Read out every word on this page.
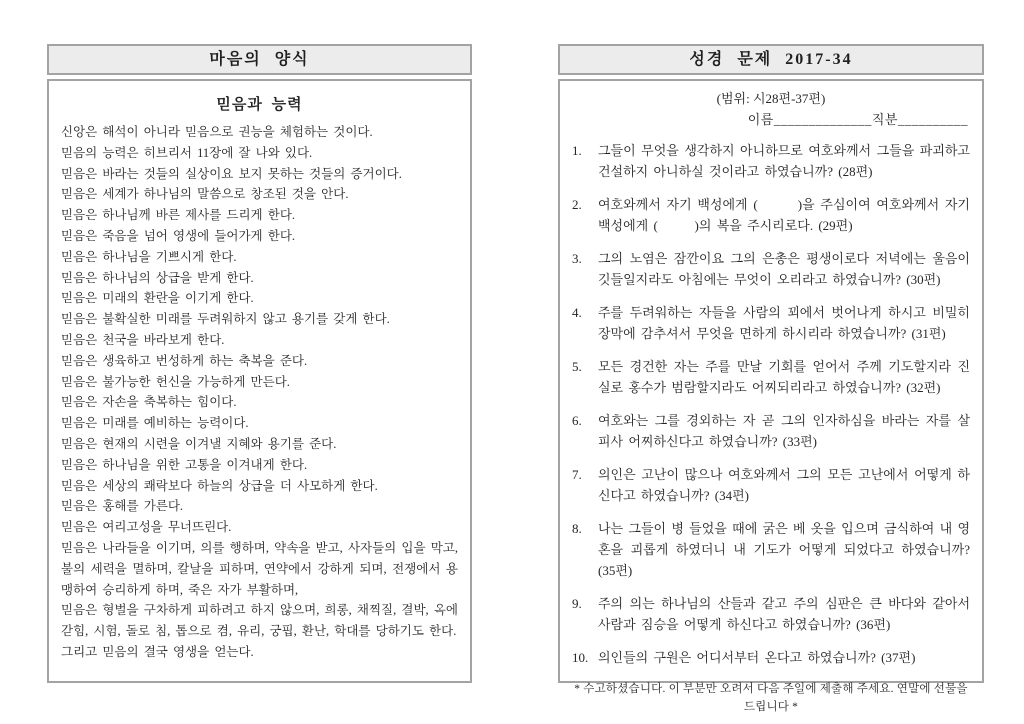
마음의 양식
믿음과 능력

신앙은 해석이 아니라 믿음으로 권능을 체험하는 것이다.

믿음의 능력은 히브리서 11장에 잘 나와 있다.

믿음은 바라는 것들의 실상이요 보지 못하는 것들의 증거이다.

믿음은 세계가 하나님의 말씀으로 창조된 것을 안다.

믿음은 하나님께 바른 제사를 드리게 한다.

믿음은 죽음을 넘어 영생에 들어가게 한다.

믿음은 하나님을 기쁘시게 한다.

믿음은 하나님의 상급을 받게 한다.

믿음은 미래의 환란을 이기게 한다.

믿음은 불확실한 미래를 두려워하지 않고 용기를 갖게 한다.

믿음은 천국을 바라보게 한다.

믿음은 생육하고 번성하게 하는 축복을 준다.

믿음은 불가능한 헌신을 가능하게 만든다.

믿음은 자손을 축복하는 힘이다.

믿음은 미래를 예비하는 능력이다.

믿음은 현재의 시련을 이겨낼 지혜와 용기를 준다.

믿음은 하나님을 위한 고통을 이겨내게 한다.

믿음은 세상의 쾌락보다 하늘의 상급을 더 사모하게 한다.

믿음은 홍해를 가른다.

믿음은 여리고성을 무너뜨린다.

믿음은 나라들을 이기며, 의를 행하며, 약속을 받고, 사자들의 입을 막고, 불의 세력을 멸하며, 칼날을 피하며, 연약에서 강하게 되며, 전쟁에서 용맹하여 승리하게 하며, 죽은 자가 부활하며,

믿음은 형벌을 구차하게 피하려고 하지 않으며, 희롱, 채찍질, 결박, 옥에 갇힘, 시험, 돌로 침, 톱으로 켬, 유리, 궁핍, 환난, 학대를 당하기도 한다.

그리고 믿음의 결국 영생을 얻는다.

성경 문제 2017-34

(범위: 시28편-37편)

이름______________직분__________

1.	그들이 무엇을 생각하지 아니하므로 여호와께서 그들을 파괴하고 건설하지 아니하실 것이라고 하였습니까? (28편)
2.	여호와께서 자기 백성에게 (       )을 주심이여 여호와께서 자기 백성에게 (       )의 복을 주시리로다. (29편)
3.	그의 노염은 잠깐이요 그의 은총은 평생이로다 저녁에는 울음이 깃들일지라도 아침에는 무엇이 오리라고 하였습니까? (30편)
4.	주를 두려워하는 자들을 사람의 꾀에서 벗어나게 하시고 비밀히 장막에 감추셔서 무엇을 면하게 하시리라 하였습니까? (31편)
5.	모든 경건한 자는 주를 만날 기회를 얻어서 주께 기도할지라 진실로 홍수가 범람할지라도 어찌되리라고 하였습니까? (32편)
6.	여호와는 그를 경외하는 자 곧 그의 인자하심을 바라는 자를 살피사 어찌하신다고 하였습니까? (33편)
7.	의인은 고난이 많으나 여호와께서 그의 모든 고난에서 어떻게 하신다고 하였습니까? (34편)
8.	나는 그들이 병 들었을 때에 굵은 베 옷을 입으며 금식하여 내 영혼을 괴롭게 하였더니 내 기도가 어떻게 되었다고 하였습니까? (35편)
9.	주의 의는 하나님의 산들과 같고 주의 심판은 큰 바다와 같아서 사람과 짐승을 어떻게 하신다고 하였습니까? (36편)
10. 의인들의 구원은 어디서부터 온다고 하였습니까? (37편)

* 수고하셨습니다. 이 부분만 오려서 다음 주일에 제출해 주세요. 연말에 선물을 드립니다 *
